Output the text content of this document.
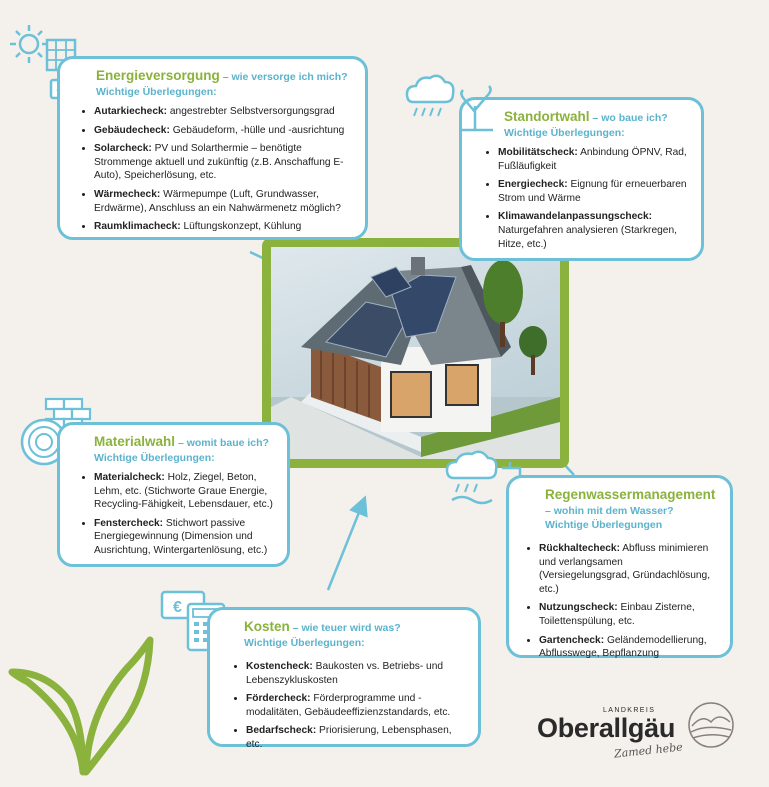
Energieversorgung – wie versorge ich mich?
Wichtige Überlegungen:
• Autarkiecheck: angestrebter Selbstversorgungsgrad
• Gebäudecheck: Gebäudeform, -hülle und -ausrichtung
• Solarcheck: PV und Solarthermie – benötigte Strommenge aktuell und zukünftig (z.B. Anschaffung E-Auto), Speicherlösung, etc.
• Wärmecheck: Wärmepumpe (Luft, Grundwasser, Erdwärme), Anschluss an ein Nahwärmenetz möglich?
• Raumklimacheck: Lüftungskonzept, Kühlung
Standortwahl – wo baue ich?
Wichtige Überlegungen:
• Mobilitätscheck: Anbindung ÖPNV, Rad, Fußläufigkeit
• Energiecheck: Eignung für erneuerbaren Strom und Wärme
• Klimawandelanpassungscheck: Naturgefahren analysieren (Starkregen, Hitze, etc.)
Materialwahl – womit baue ich?
Wichtige Überlegungen:
• Materialcheck: Holz, Ziegel, Beton, Lehm, etc. (Stichworte Graue Energie, Recycling-Fähigkeit, Lebensdauer, etc.)
• Fenstercheck: Stichwort passive Energiegewinnung (Dimension und Ausrichtung, Wintergartenlösung, etc.)
Regenwassermanagement
– wohin mit dem Wasser?
Wichtige Überlegungen
• Rückhaltecheck: Abfluss minimieren und verlangsamen (Versiegelungsgrad, Gründachlösung, etc.)
• Nutzungscheck: Einbau Zisterne, Toilettenspülung, etc.
• Gartencheck: Geländemodellierung, Abflusswege, Bepflanzung
€
Kosten – wie teuer wird was?
Wichtige Überlegungen:
• Kostencheck: Baukosten vs. Betriebs- und Lebenszykluskosten
• Fördercheck: Förderprogramme und -modalitäten, Gebäudeeffizienzstandards, etc.
• Bedarfscheck: Priorisierung, Lebensphasen, etc.
LANDKREIS
Oberallgäu
Zamed hebe
